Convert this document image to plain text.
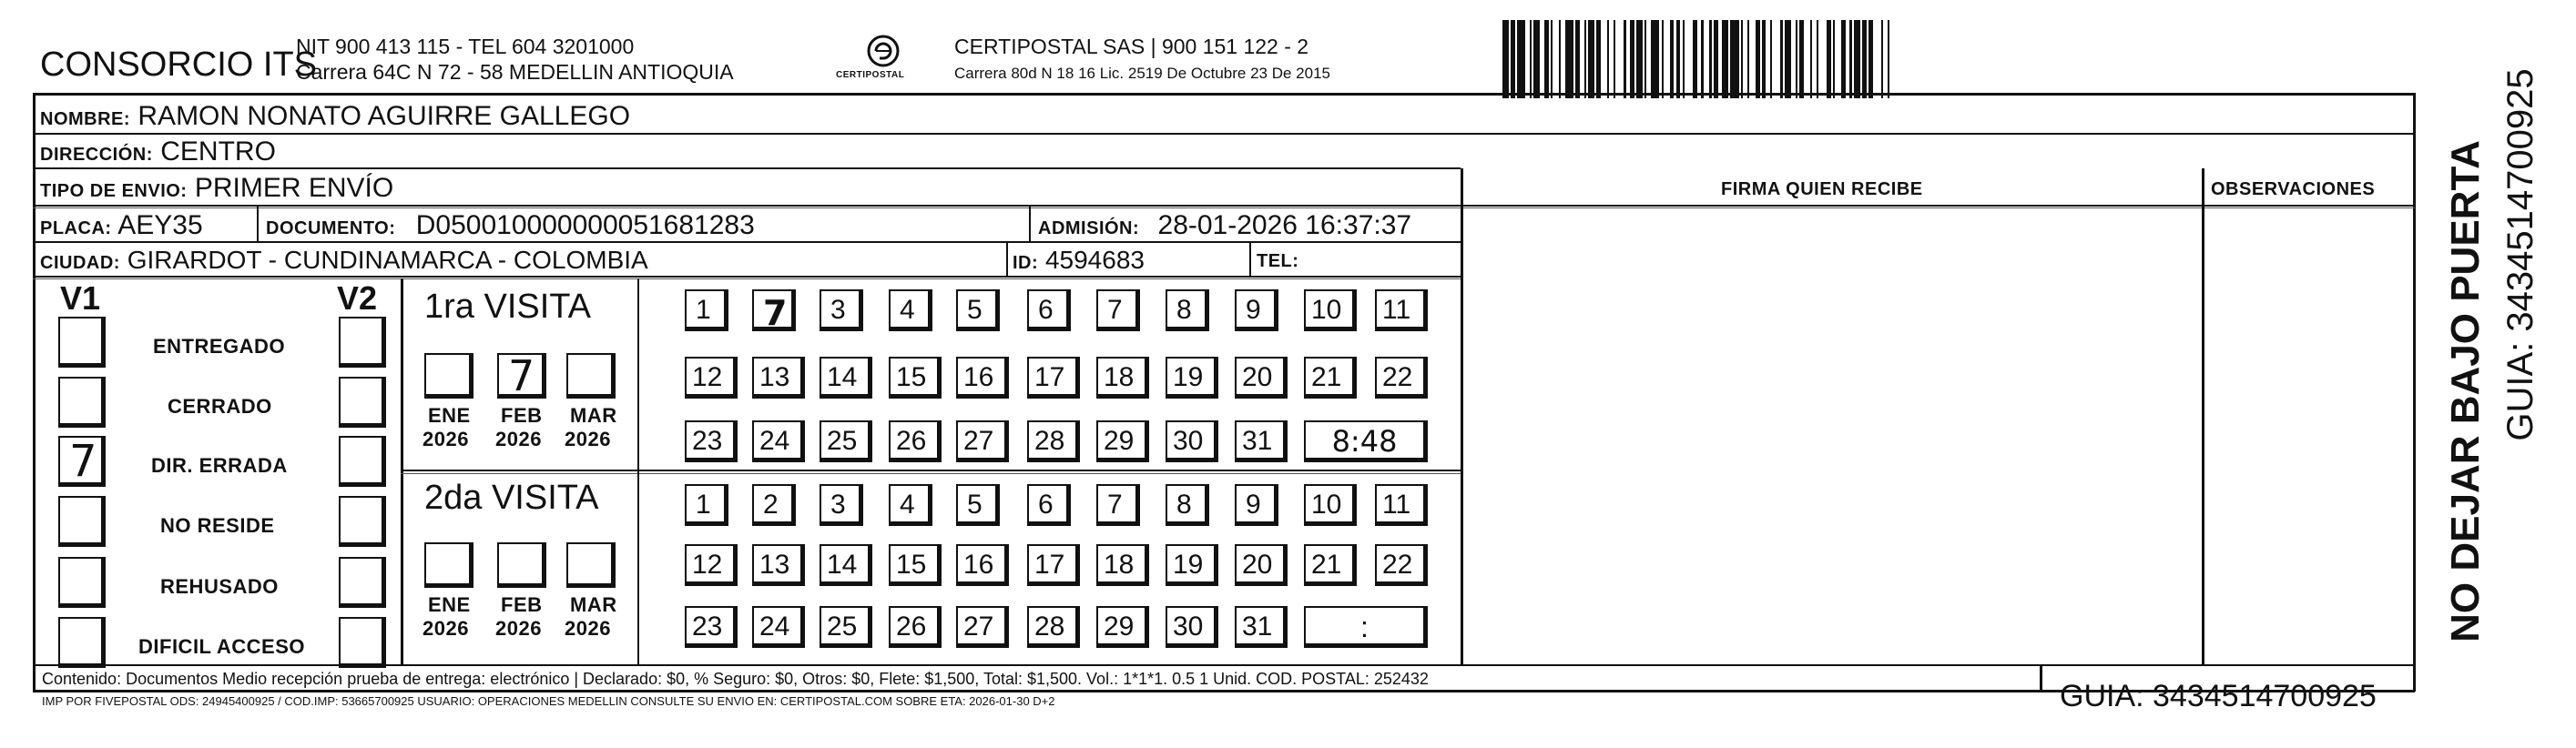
CONSORCIO ITS
NIT 900 413 115 - TEL 604 3201000
Carrera 64C N 72 - 58 MEDELLIN ANTIOQUIA	CERTIPOSTAL
CERTIPOSTAL SAS | 900 151 122 - 2
Carrera 80d N 18 16 Lic. 2519 De Octubre 23 De 2015
NOMBRE: RAMON NONATO AGUIRRE GALLEGO
DIRECCIÓN: CENTRO
TIPO DE ENVIO: PRIMER ENVÍO
PLACA: AEY35	DOCUMENTO: D050010000000051681283	ADMISIÓN: 28-01-2026 16:37:37
CIUDAD: GIRARDOT - CUNDINAMARCA - COLOMBIA	ID: 4594683	TEL:
FIRMA QUIEN RECIBE	OBSERVACIONES
V1	V2 1ra VISITA
2da VISITA
Contenido: Documentos Medio recepción prueba de entrega: electrónico | Declarado: $0, % Seguro: $0, Otros: $0, Flete: $1,500, Total: $1,500. Vol.: 1*1*1. 0.5 1 Unid. COD. POSTAL: 252432
IMP POR FIVEPOSTAL ODS: 24945400925 / COD.IMP: 53665700925 USUARIO: OPERACIONES MEDELLIN CONSULTE SU ENVIO EN: CERTIPOSTAL.COM SOBRE ETA: 2026-01-30 D+2	GUIA: 3434514700925
NO DEJAR BAJO PUERTA GUIA: 3434514700925
ENTREGADO
CERRADO
7	DIR. ERRADA
NO RESIDE
REHUSADO
DIFICIL ACCESO
ENE
2026
7
FEB
2026
MAR
2026
ENE
2026
FEB
2026
MAR
2026
1	7	3	4	5	6	7	8	9	10	11
12	13	14	15	16	17	18	19	20	21	22
23	24	25	26	27	28	29	30	31	8:48
1	2	3	4	5	6	7	8	9	10	11
12	13	14	15	16	17	18	19	20	21	22
23	24	25	26	27	28	29	30	31	:
